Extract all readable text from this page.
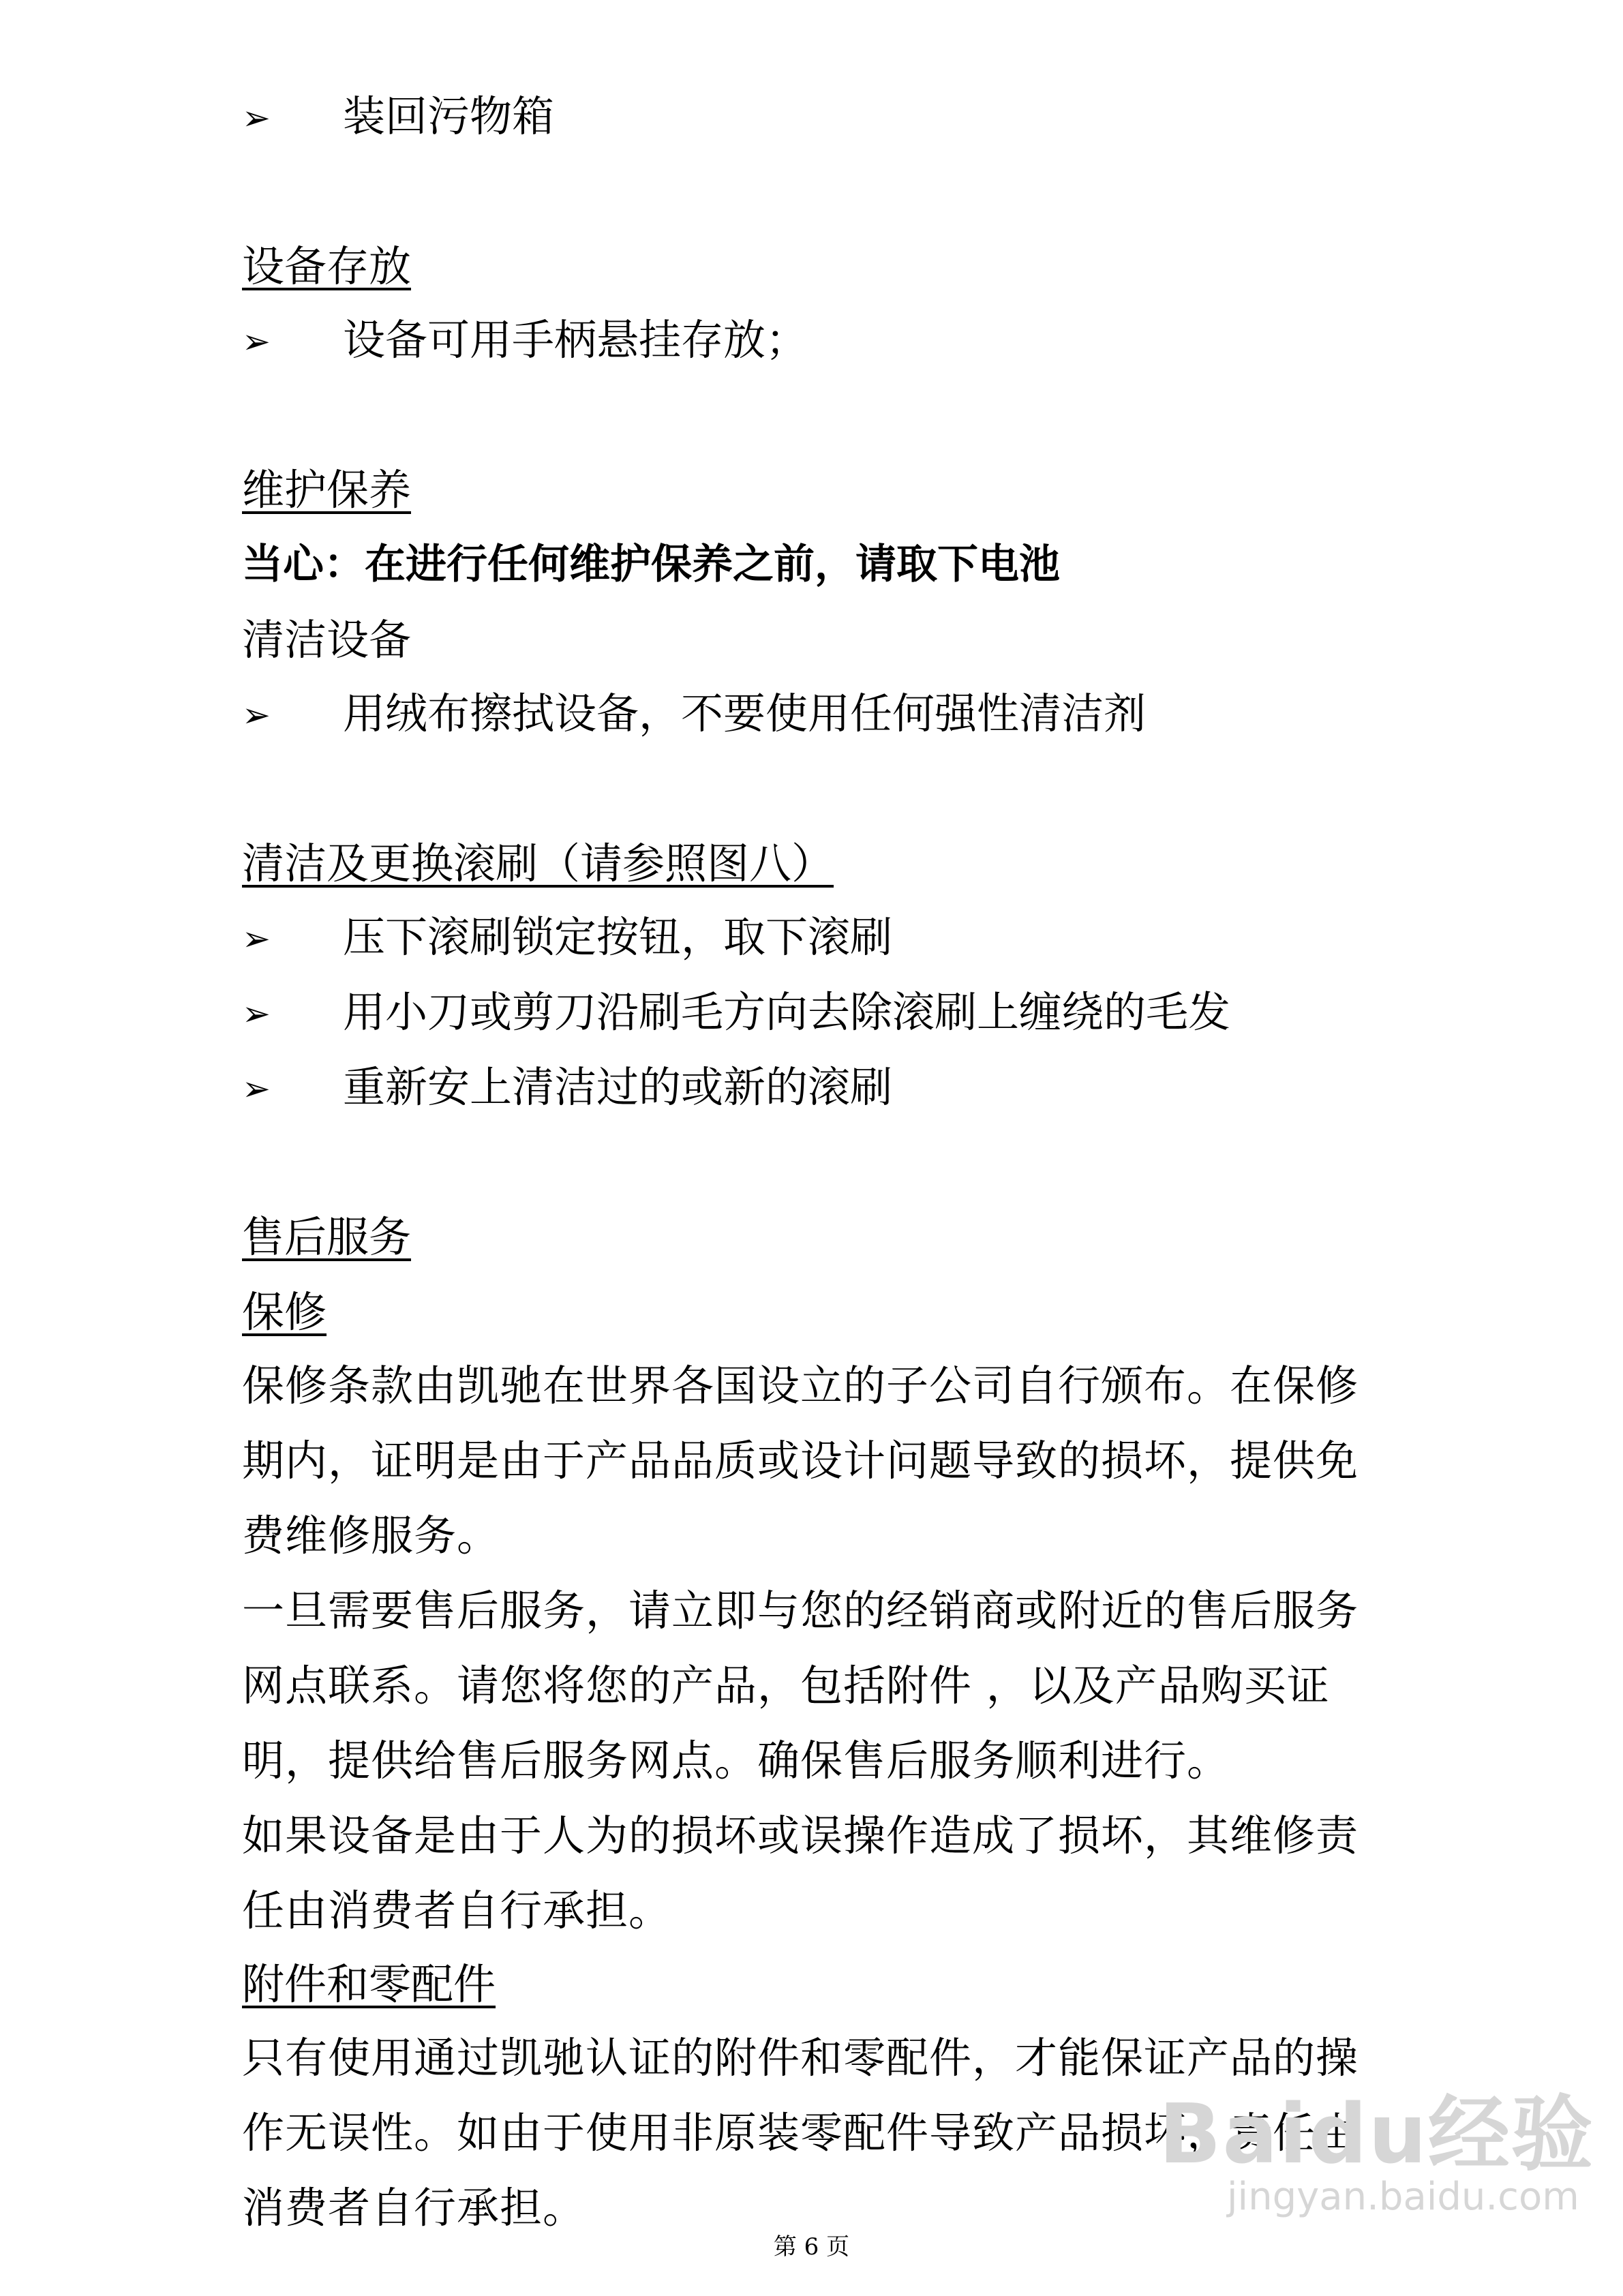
➢ 装回污物箱
设备存放
➢ 设备可用手柄悬挂存放；
维护保养
当心：在进行任何维护保养之前，请取下电池
清洁设备
➢ 用绒布擦拭设备，不要使用任何强性清洁剂
清洁及更换滚刷（请参照图八）
➢ 压下滚刷锁定按钮，取下滚刷
➢ 用小刀或剪刀沿刷毛方向去除滚刷上缠绕的毛发
➢ 重新安上清洁过的或新的滚刷
售后服务
保修
保修条款由凯驰在世界各国设立的子公司自行颁布。在保修期内，证明是由于产品品质或设计问题导致的损坏，提供免费维修服务。
一旦需要售后服务，请立即与您的经销商或附近的售后服务网点联系。请您将您的产品，包括附件 ，以及产品购买证明，提供给售后服务网点。确保售后服务顺利进行。
如果设备是由于人为的损坏或误操作造成了损坏，其维修责任由消费者自行承担。
附件和零配件
只有使用通过凯驰认证的附件和零配件，才能保证产品的操作无误性。如由于使用非原装零配件导致产品损坏，责任由消费者自行承担。
Baidu经验
jingyan.baidu.com
第 6 页
